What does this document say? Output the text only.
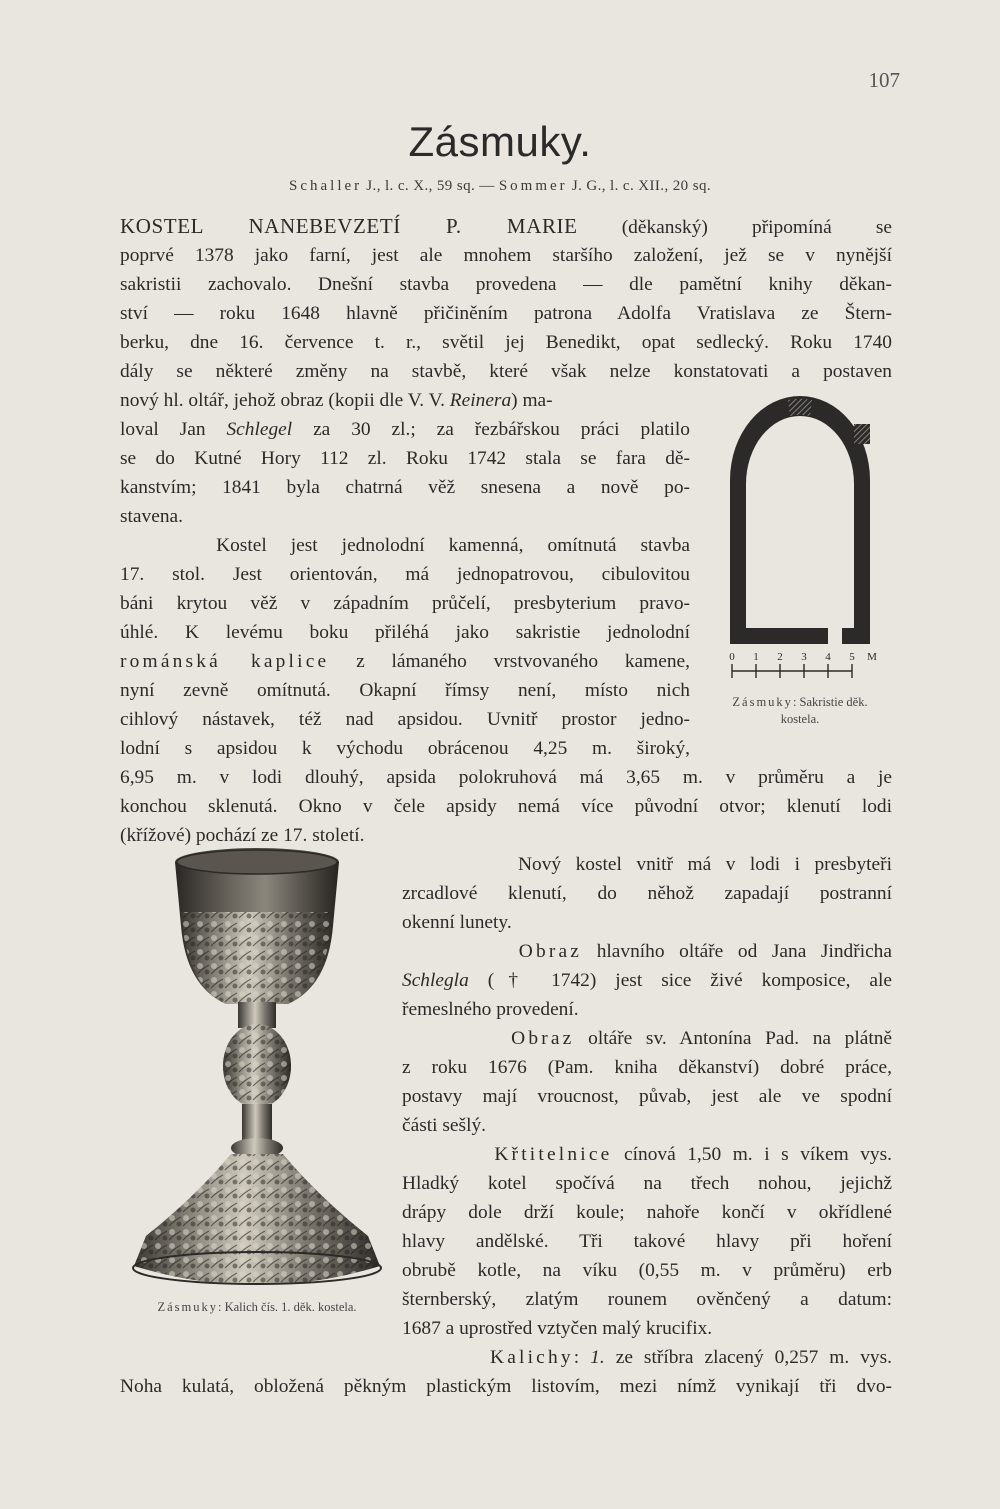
107
Zásmuky.
Schaller J., l. c. X., 59 sq. — Sommer J. G., l. c. XII., 20 sq.
KOSTEL NANEBEVZETÍ P. MARIE (děkanský) připomíná se
poprvé 1378 jako farní, jest ale mnohem staršího založení, jež se v nynější
sakristii zachovalo. Dnešní stavba provedena — dle pamětní knihy děkan-
ství — roku 1648 hlavně přičiněním patrona Adolfa Vratislava ze Štern-
berku, dne 16. července t. r., světil jej Benedikt, opat sedlecký. Roku 1740
dály se některé změny na stavbě, které však nelze konstatovati a postaven
nový hl. oltář, jehož obraz (kopii dle V. V. Reinera) ma-
loval Jan Schlegel za 30 zl.; za řezbářskou práci platilo
se do Kutné Hory 112 zl. Roku 1742 stala se fara dě-
kanstvím; 1841 byla chatrná věž snesena a nově po-
stavena.
Kostel jest jednolodní kamenná, omítnutá stavba
17. stol. Jest orientován, má jednopatrovou, cibulovitou
báni krytou věž v západním průčelí, presbyterium pravo-
úhlé. K levému boku přiléhá jako sakristie jednolodní
románská kaplice z lámaného vrstvovaného kamene,
nyní zevně omítnutá. Okapní římsy není, místo nich
cihlový nástavek, též nad apsidou. Uvnitř prostor jedno-
lodní s apsidou k východu obrácenou 4,25 m. široký,
6,95 m. v lodi dlouhý, apsida polokruhová má 3,65 m. v průměru a je
konchou sklenutá. Okno v čele apsidy nemá více původní otvor; klenutí lodi
(křížové) pochází ze 17. století.
Nový kostel vnitř má v lodi i presbyteři
zrcadlové klenutí, do něhož zapadají postranní
okenní lunety.
Obraz hlavního oltáře od Jana Jindřicha
Schlegla († 1742) jest sice živé komposice, ale
řemeslného provedení.
Obraz oltáře sv. Antonína Pad. na plátně
z roku 1676 (Pam. kniha děkanství) dobré práce,
postavy mají vroucnost, půvab, jest ale ve spodní
části sešlý.
Křtitelnice cínová 1,50 m. i s víkem vys.
Hladký kotel spočívá na třech nohou, jejichž
drápy dole drží koule; nahoře končí v okřídlené
hlavy andělské. Tři takové hlavy při hoření
obrubě kotle, na víku (0,55 m. v průměru) erb
šternberský, zlatým rounem ověnčený a datum:
1687 a uprostřed vztyčen malý krucifix.
Kalichy: 1. ze stříbra zlacený 0,257 m. vys.
Noha kulatá, obložená pěkným plastickým listovím, mezi nímž vynikají tři dvo-
0 1 2 3 4 5 M
Zásmuky: Sakristie děk. kostela.
Zásmuky: Kalich čís. 1. děk. kostela.
